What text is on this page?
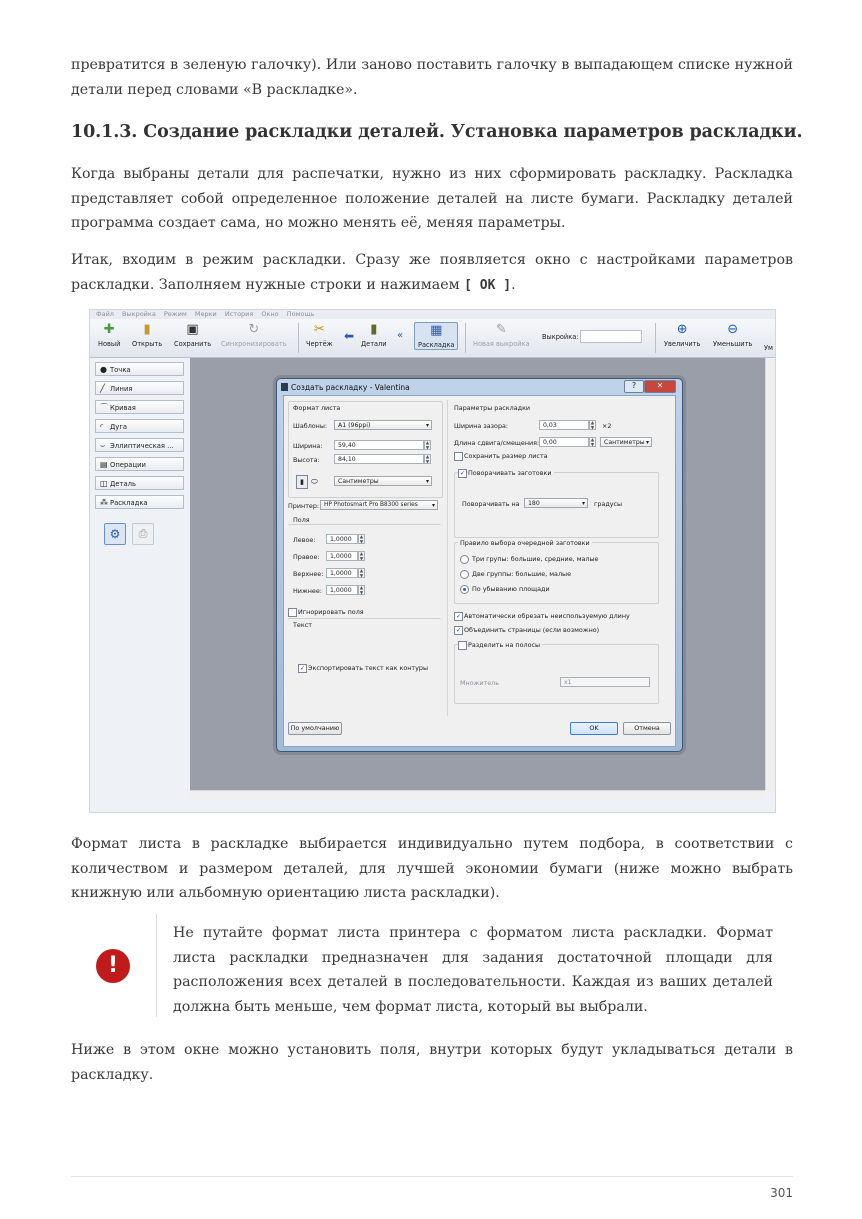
превратится в зеленую галочку). Или заново поставить галочку в выпадающем списке нужной детали перед словами «В раскладке».

10.1.3. Создание раскладки деталей. Установка параметров раскладки.

Когда выбраны детали для распечатки, нужно из них сформировать раскладку. Раскладка представляет собой определенное положение деталей на листе бумаги. Раскладку деталей программа создает сама, но можно менять её, меняя параметры.

Итак, входим в режим раскладки. Сразу же появляется окно с настройками параметров раскладки. Заполняем нужные строки и нажимаем [ OK ].

Файл Выкройка Режим Мерки История Окно Помощь
✚
Новый
▮
Открыть
▣
Сохранить
↻
Синхронизировать
✂
Чертёж
⬅	▮
Детали
« ▦
Раскладка
✎
Новая выкройка
Выкройка:	⊕
Увеличить
⊖
Уменьшить Ум
● Точка
╱ Линия
⌒ Кривая
◜ Дуга
⌣ Эллиптическая ...
▤ Операции
◫ Деталь
⁂ Раскладка
⚙	⎙
Создать раскладку - Valentina	?	✕
Формат листа
Шаблоны:	A1 (96ppi) ▾
Ширина:	59,40	▲
▼
Высота:	84,10	▲
▼
▮ ⬭	Сантиметры ▾
Принтер: HP Photosmart Pro B8300 series ▾
Поля
Левое:	1,0000	▲
▼
Правое:	1,0000	▲
▼
Верхнее:	1,0000	▲
▼
Нижнее:	1,0000	▲
▼
Игнорировать поля
Текст
✓ Экспортировать текст как контуры
Параметры раскладки
Ширина зазора:	0,03	▲
▼ ×2
Длина сдвига/смещения: 0,00	▲
▼	Сантиметры ▾
Сохранить размер листа
✓ Поворачивать заготовки
Поворачивать на	180 ▾	градусы
Правило выбора очередной заготовки
Три групы: большие, средние, малые
Две группы: большие, малые
По убыванию площади
✓ Автоматически обрезать неиспользуемую длину
✓ Объединить страницы (если возможно)
Разделить на полосы
Множитель	x1
По умолчанию	OK	Отмена

Формат листа в раскладке выбирается индивидуально путем подбора, в соответствии с количеством и размером деталей, для лучшей экономии бумаги (ниже можно выбрать книжную или альбомную ориентацию листа раскладки).

!

Не путайте формат листа принтера с форматом листа раскладки. Формат листа раскладки предназначен для задания достаточной площади для расположения всех деталей в последовательности. Каждая из ваших деталей должна быть меньше, чем формат листа, который вы выбрали.

Ниже в этом окне можно установить поля, внутри которых будут укладываться детали в раскладку.

301
